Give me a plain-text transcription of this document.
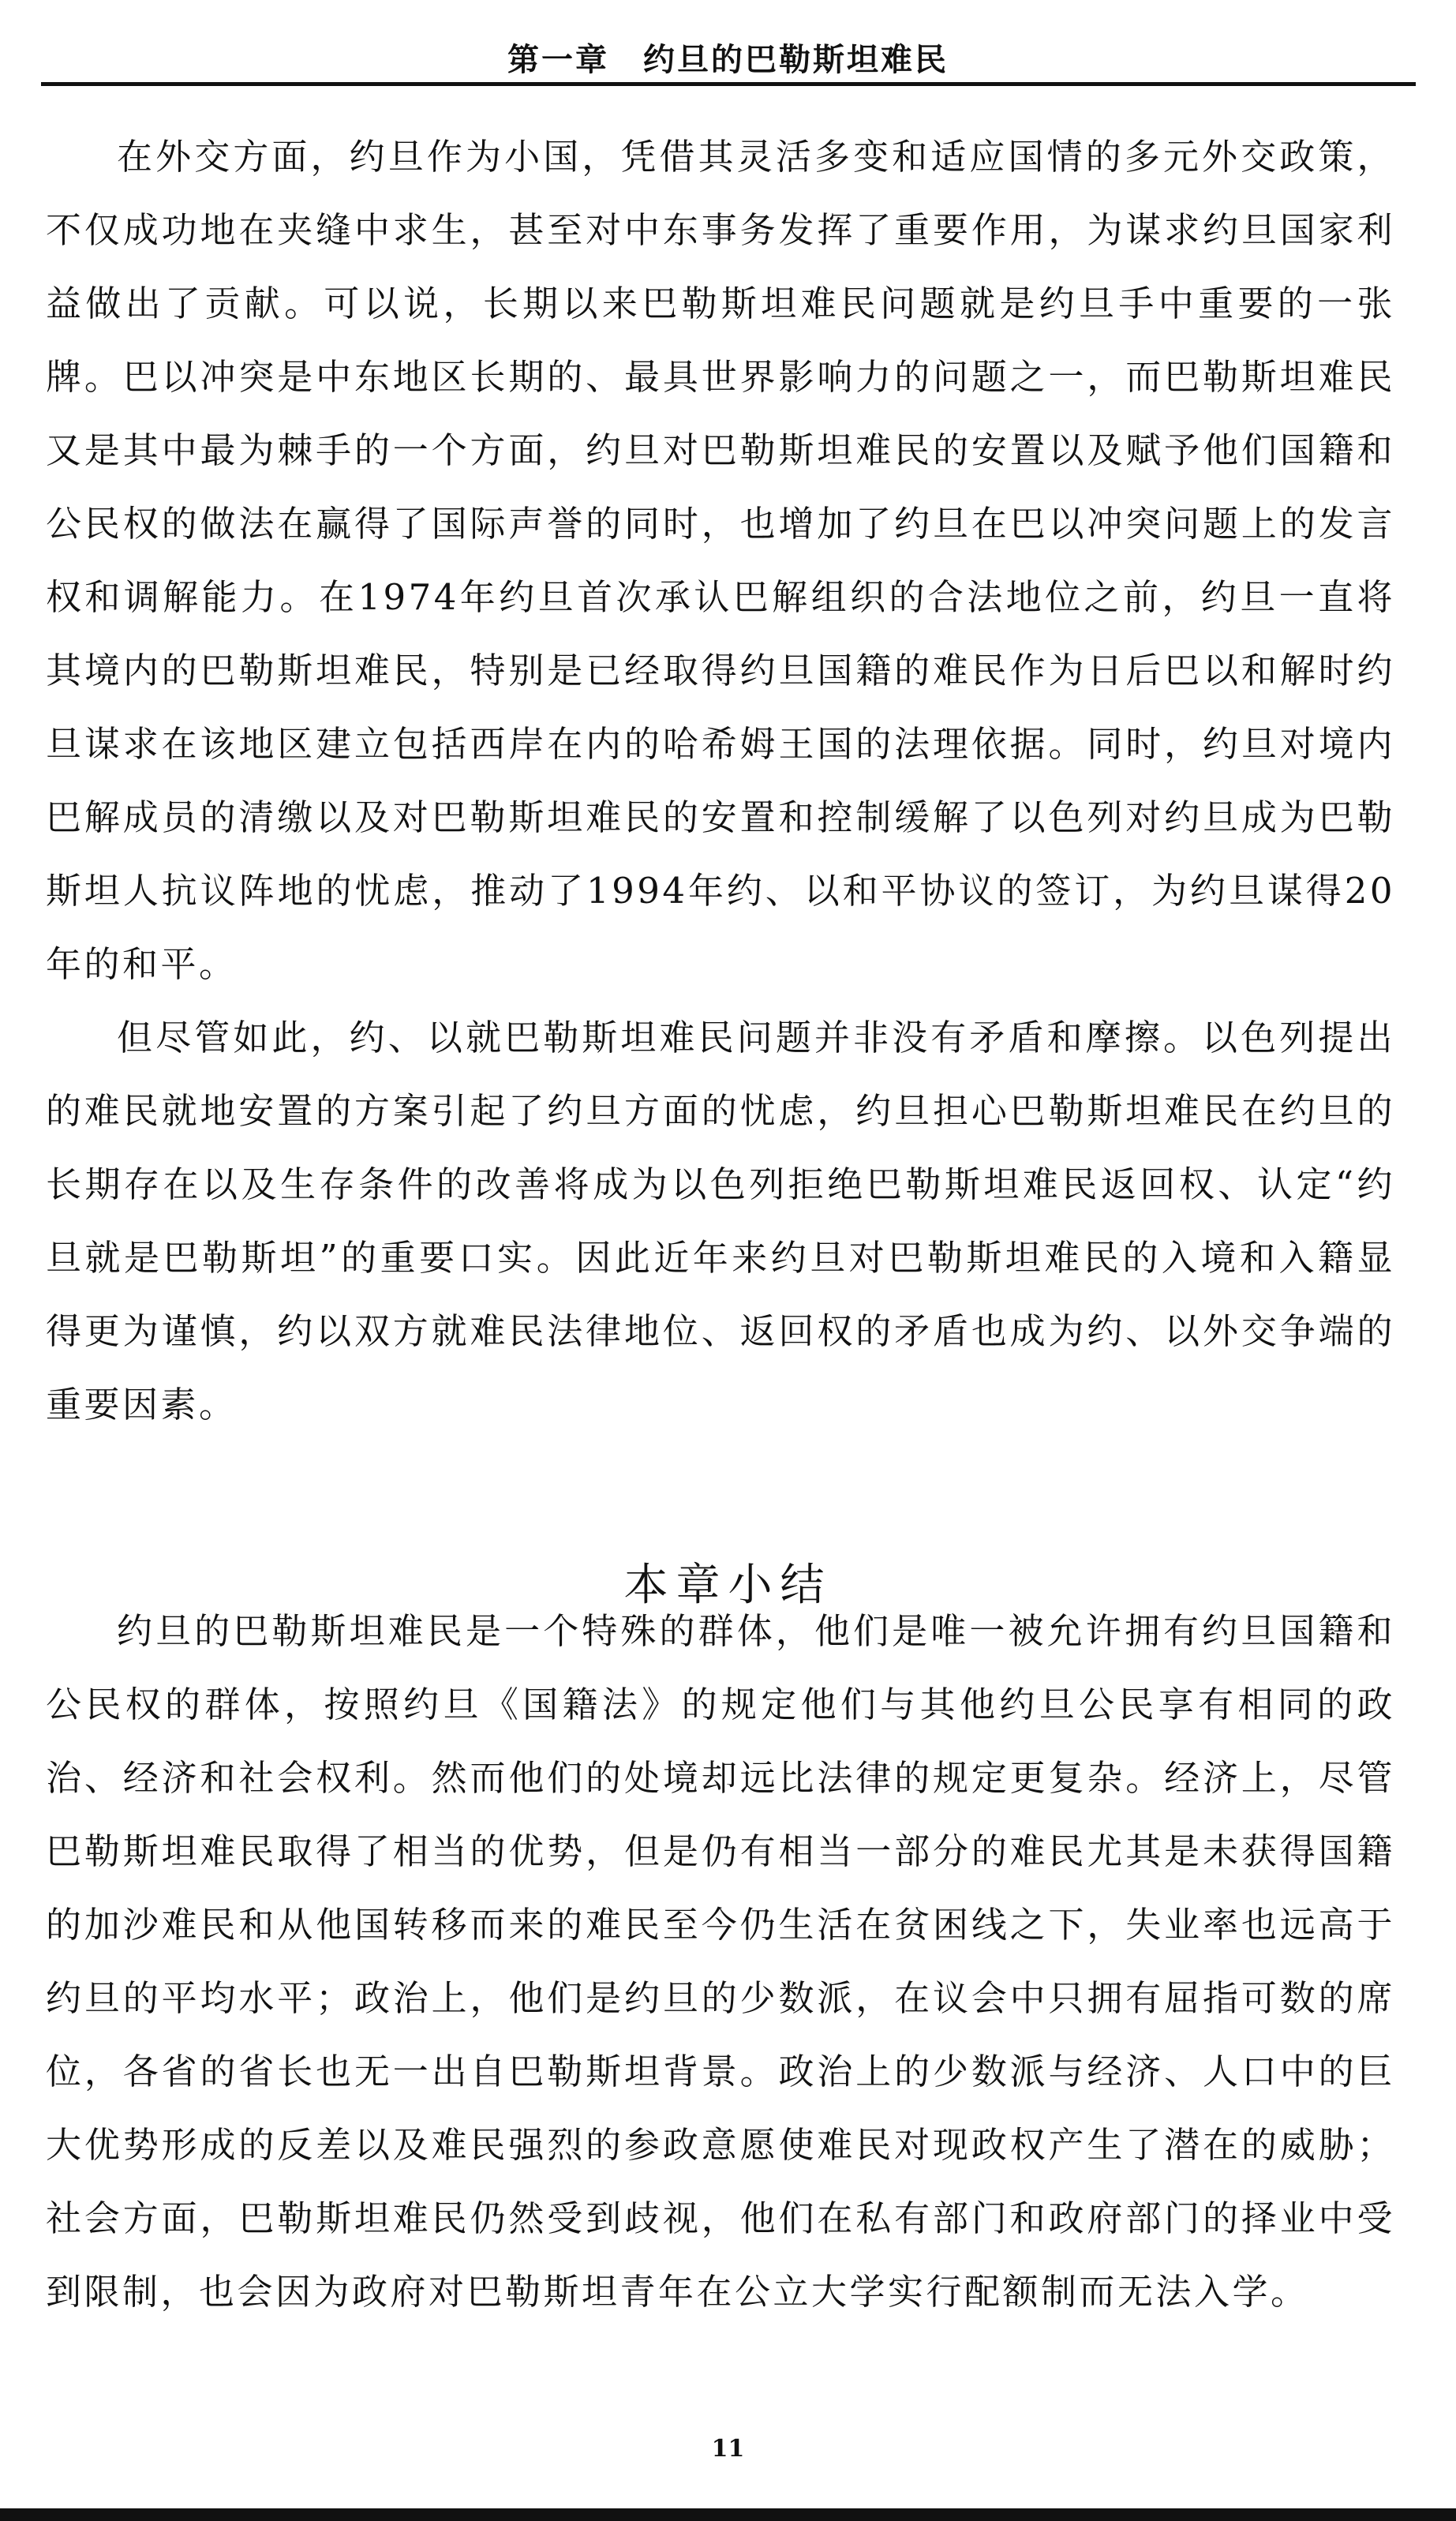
第一章　约旦的巴勒斯坦难民

在外交方面，约旦作为小国，凭借其灵活多变和适应国情的多元外交政策，不仅成功地在夹缝中求生，甚至对中东事务发挥了重要作用，为谋求约旦国家利益做出了贡献。可以说，长期以来巴勒斯坦难民问题就是约旦手中重要的一张牌。巴以冲突是中东地区长期的、最具世界影响力的问题之一，而巴勒斯坦难民又是其中最为棘手的一个方面，约旦对巴勒斯坦难民的安置以及赋予他们国籍和公民权的做法在赢得了国际声誉的同时，也增加了约旦在巴以冲突问题上的发言权和调解能力。在1974年约旦首次承认巴解组织的合法地位之前，约旦一直将其境内的巴勒斯坦难民，特别是已经取得约旦国籍的难民作为日后巴以和解时约旦谋求在该地区建立包括西岸在内的哈希姆王国的法理依据。同时，约旦对境内巴解成员的清缴以及对巴勒斯坦难民的安置和控制缓解了以色列对约旦成为巴勒斯坦人抗议阵地的忧虑，推动了1994年约、以和平协议的签订，为约旦谋得20年的和平。

但尽管如此，约、以就巴勒斯坦难民问题并非没有矛盾和摩擦。以色列提出的难民就地安置的方案引起了约旦方面的忧虑，约旦担心巴勒斯坦难民在约旦的长期存在以及生存条件的改善将成为以色列拒绝巴勒斯坦难民返回权、认定“约旦就是巴勒斯坦”的重要口实。因此近年来约旦对巴勒斯坦难民的入境和入籍显得更为谨慎，约以双方就难民法律地位、返回权的矛盾也成为约、以外交争端的重要因素。

本章小结

约旦的巴勒斯坦难民是一个特殊的群体，他们是唯一被允许拥有约旦国籍和公民权的群体，按照约旦《国籍法》的规定他们与其他约旦公民享有相同的政治、经济和社会权利。然而他们的处境却远比法律的规定更复杂。经济上，尽管巴勒斯坦难民取得了相当的优势，但是仍有相当一部分的难民尤其是未获得国籍的加沙难民和从他国转移而来的难民至今仍生活在贫困线之下，失业率也远高于约旦的平均水平；政治上，他们是约旦的少数派，在议会中只拥有屈指可数的席位，各省的省长也无一出自巴勒斯坦背景。政治上的少数派与经济、人口中的巨大优势形成的反差以及难民强烈的参政意愿使难民对现政权产生了潜在的威胁；社会方面，巴勒斯坦难民仍然受到歧视，他们在私有部门和政府部门的择业中受到限制，也会因为政府对巴勒斯坦青年在公立大学实行配额制而无法入学。

11
